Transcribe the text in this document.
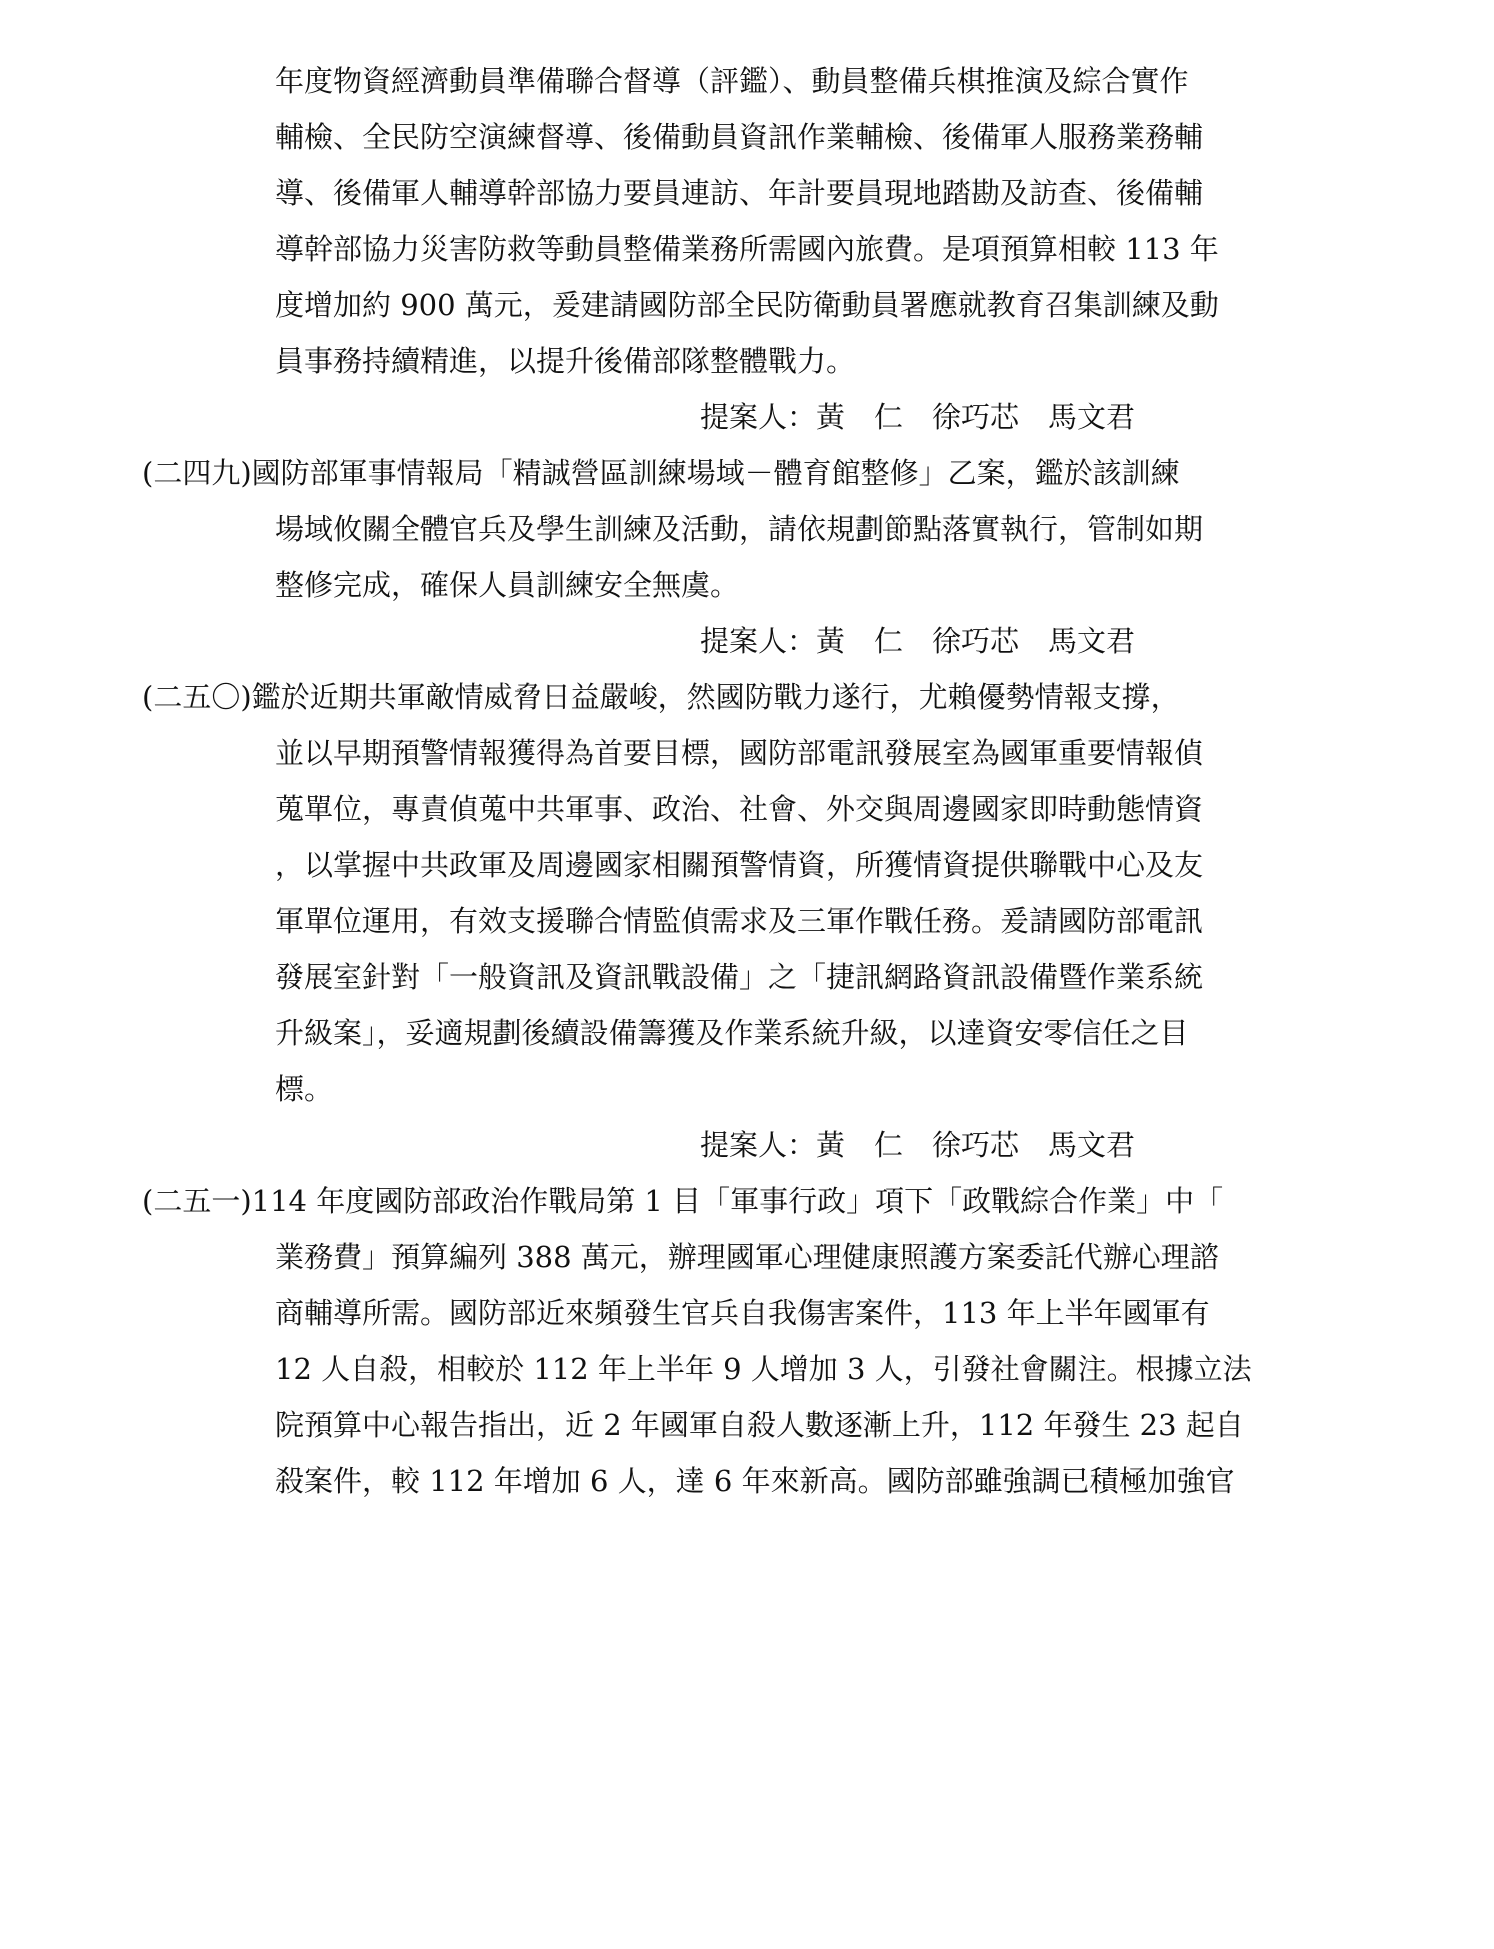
年度物資經濟動員準備聯合督導（評鑑）、動員整備兵棋推演及綜合實作
輔檢、全民防空演練督導、後備動員資訊作業輔檢、後備軍人服務業務輔
導、後備軍人輔導幹部協力要員連訪、年計要員現地踏勘及訪查、後備輔
導幹部協力災害防救等動員整備業務所需國內旅費。是項預算相較 113 年
度增加約 900 萬元，爰建請國防部全民防衛動員署應就教育召集訓練及動
員事務持續精進，以提升後備部隊整體戰力。
提案人：黃　仁　徐巧芯　馬文君
(二四九)國防部軍事情報局「精誠營區訓練場域－體育館整修」乙案，鑑於該訓練
場域攸關全體官兵及學生訓練及活動，請依規劃節點落實執行，管制如期
整修完成，確保人員訓練安全無虞。
提案人：黃　仁　徐巧芯　馬文君
(二五〇)鑑於近期共軍敵情威脅日益嚴峻，然國防戰力遂行，尤賴優勢情報支撐，
並以早期預警情報獲得為首要目標，國防部電訊發展室為國軍重要情報偵
蒐單位，專責偵蒐中共軍事、政治、社會、外交與周邊國家即時動態情資
，以掌握中共政軍及周邊國家相關預警情資，所獲情資提供聯戰中心及友
軍單位運用，有效支援聯合情監偵需求及三軍作戰任務。爰請國防部電訊
發展室針對「一般資訊及資訊戰設備」之「捷訊網路資訊設備暨作業系統
升級案」，妥適規劃後續設備籌獲及作業系統升級，以達資安零信任之目
標。
提案人：黃　仁　徐巧芯　馬文君
(二五一)114 年度國防部政治作戰局第 1 目「軍事行政」項下「政戰綜合作業」中「
業務費」預算編列 388 萬元，辦理國軍心理健康照護方案委託代辦心理諮
商輔導所需。國防部近來頻發生官兵自我傷害案件，113 年上半年國軍有
12 人自殺，相較於 112 年上半年 9 人增加 3 人，引發社會關注。根據立法
院預算中心報告指出，近 2 年國軍自殺人數逐漸上升，112 年發生 23 起自
殺案件，較 112 年增加 6 人，達 6 年來新高。國防部雖強調已積極加強官
